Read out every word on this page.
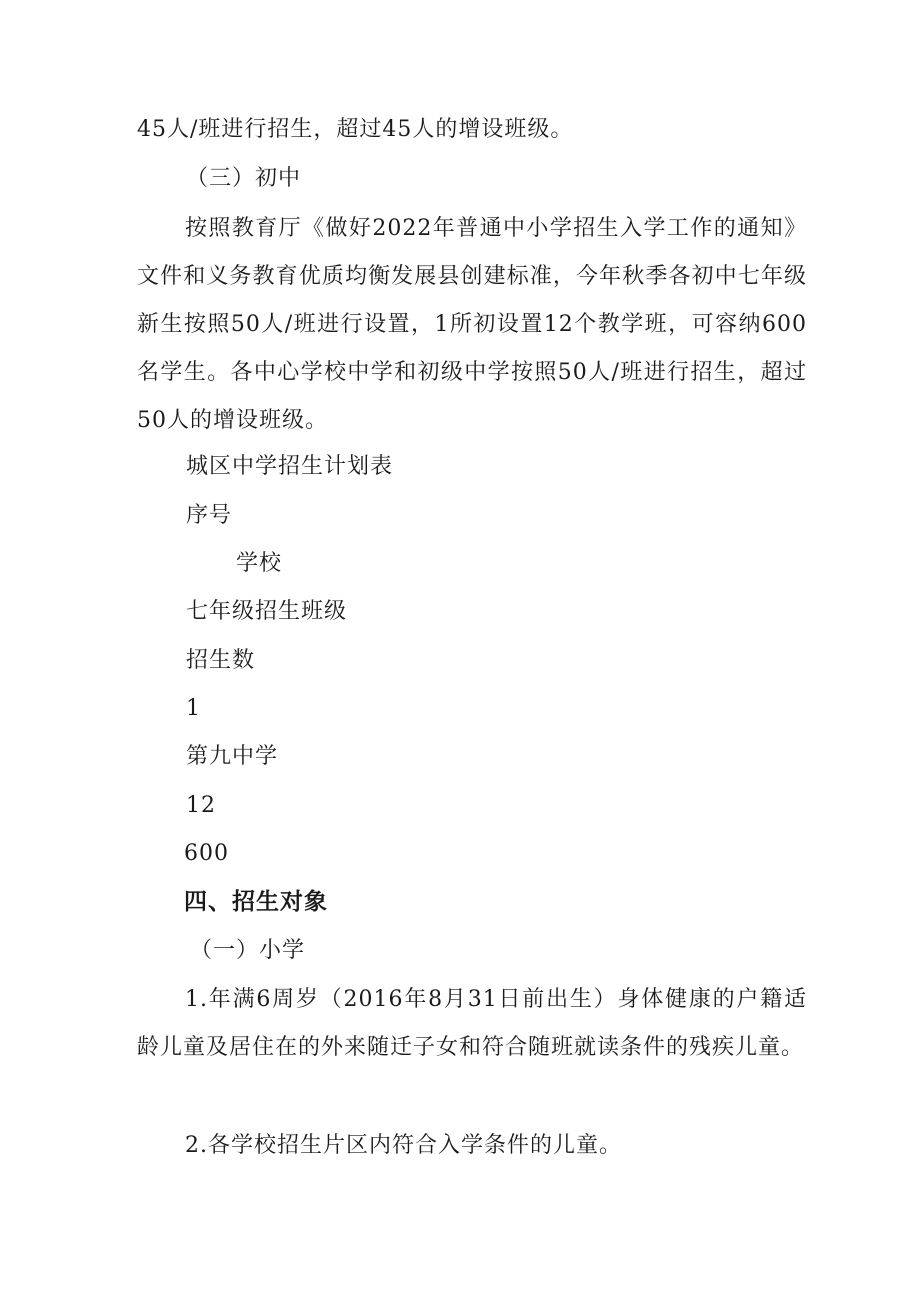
45人/班进行招生，超过45人的增设班级。

（三）初中

按照教育厅《做好2022年普通中小学招生入学工作的通知》文件和义务教育优质均衡发展县创建标准，今年秋季各初中七年级新生按照50人/班进行设置，1所初设置12个教学班，可容纳600名学生。各中心学校中学和初级中学按照50人/班进行招生，超过50人的增设班级。

城区中学招生计划表

序号

学校

七年级招生班级

招生数

1

第九中学

12

600

四、招生对象

（一）小学

1.年满6周岁（2016年8月31日前出生）身体健康的户籍适龄儿童及居住在的外来随迁子女和符合随班就读条件的残疾儿童。

2.各学校招生片区内符合入学条件的儿童。
